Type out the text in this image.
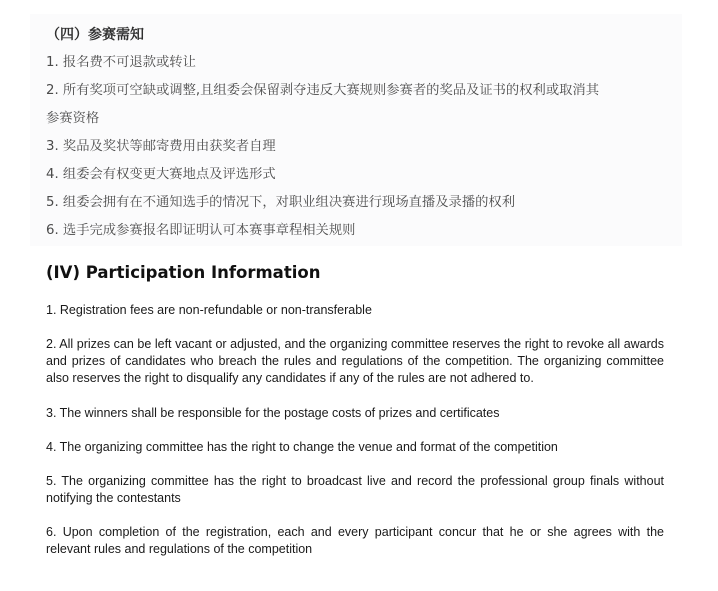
（四）参赛需知
1. 报名费不可退款或转让
2. 所有奖项可空缺或调整,且组委会保留剥夺违反大赛规则参赛者的奖品及证书的权利或取消其
参赛资格
3. 奖品及奖状等邮寄费用由获奖者自理
4. 组委会有权变更大赛地点及评选形式
5. 组委会拥有在不通知选手的情况下，对职业组决赛进行现场直播及录播的权利
6. 选手完成参赛报名即证明认可本赛事章程相关规则
(IV) Participation Information

1. Registration fees are non-refundable or non-transferable

2. All prizes can be left vacant or adjusted, and the organizing committee reserves the right to revoke all awards and prizes of candidates who breach the rules and regulations of the competition. The organizing committee also reserves the right to disqualify any candidates if any of the rules are not adhered to.

3. The winners shall be responsible for the postage costs of prizes and certificates

4. The organizing committee has the right to change the venue and format of the competition

5. The organizing committee has the right to broadcast live and record the professional group finals without notifying the contestants

6. Upon completion of the registration, each and every participant concur that he or she agrees with the relevant rules and regulations of the competition
